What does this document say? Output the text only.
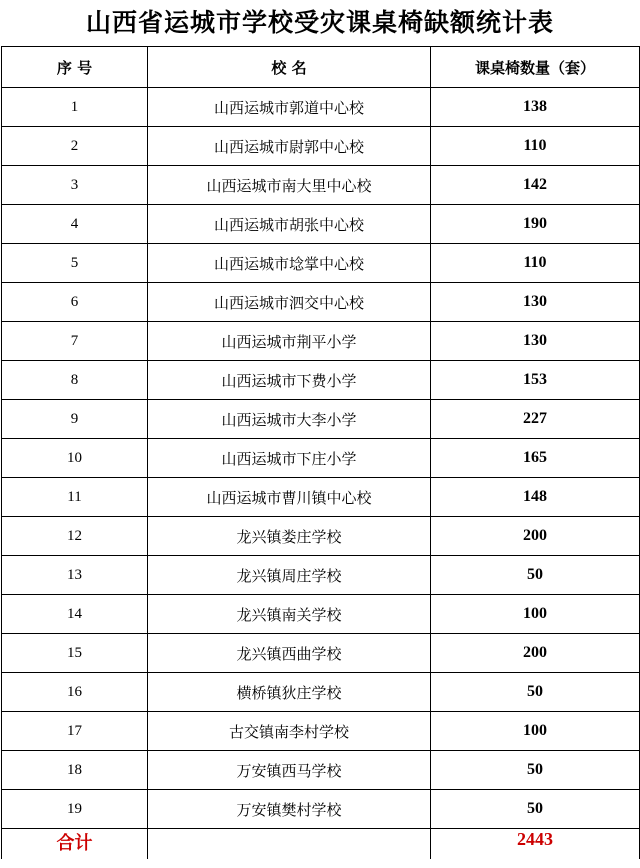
山西省运城市学校受灾课桌椅缺额统计表
序 号	校 名	课桌椅数量（套）
1	山西运城市郭道中心校	138
2	山西运城市尉郭中心校	110
3	山西运城市南大里中心校	142
4	山西运城市胡张中心校	190
5	山西运城市埝掌中心校	110
6	山西运城市泗交中心校	130
7	山西运城市荆平小学	130
8	山西运城市下费小学	153
9	山西运城市大李小学	227
10	山西运城市下庄小学	165
11	山西运城市曹川镇中心校	148
12	龙兴镇娄庄学校	200
13	龙兴镇周庄学校	50
14	龙兴镇南关学校	100
15	龙兴镇西曲学校	200
16	横桥镇狄庄学校	50
17	古交镇南李村学校	100
18	万安镇西马学校	50
19	万安镇樊村学校	50
合计		2443
